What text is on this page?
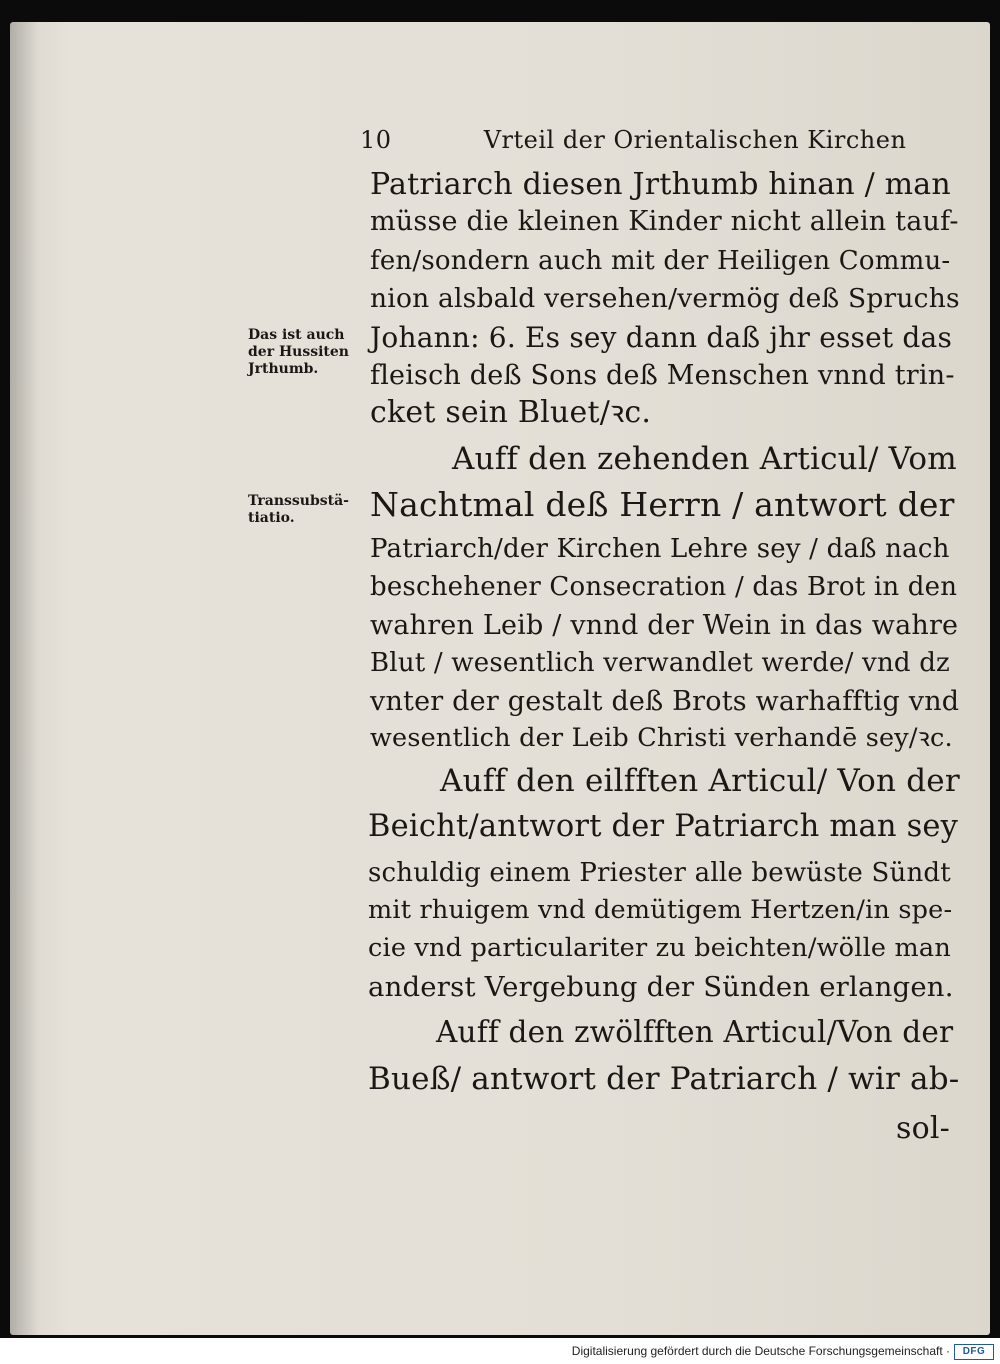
10	Vrteil der Orientalischen Kirchen
Das ist auch der Hussiten Jrthumb.
Transsubstä-tiatio.
Patriarch diesen Jrthumb hinan / man
müsse die kleinen Kinder nicht allein tauf-
fen/sondern auch mit der Heiligen Commu-
nion alsbald versehen/vermög deß Spruchs
Johann: 6. Es sey dann daß jhr esset das
fleisch deß Sons deß Menschen vnnd trin-
cket sein Bluet/ꝛc.
Auff den zehenden Articul/ Vom
Nachtmal deß Herrn / antwort der
Patriarch/der Kirchen Lehre sey / daß nach
beschehener Consecration / das Brot in den
wahren Leib / vnnd der Wein in das wahre
Blut / wesentlich verwandlet werde/ vnd dz
vnter der gestalt deß Brots warhafftig vnd
wesentlich der Leib Christi verhandē sey/ꝛc.
Auff den eilfften Articul/ Von der
Beicht/antwort der Patriarch man sey
schuldig einem Priester alle bewüste Sündt
mit rhuigem vnd demütigem Hertzen/in spe-
cie vnd particulariter zu beichten/wölle man
anderst Vergebung der Sünden erlangen.
Auff den zwölfften Articul/Von der
Bueß/ antwort der Patriarch / wir ab-
sol-
Digitalisierung gefördert durch die Deutsche Forschungsgemeinschaft ·	DFG
